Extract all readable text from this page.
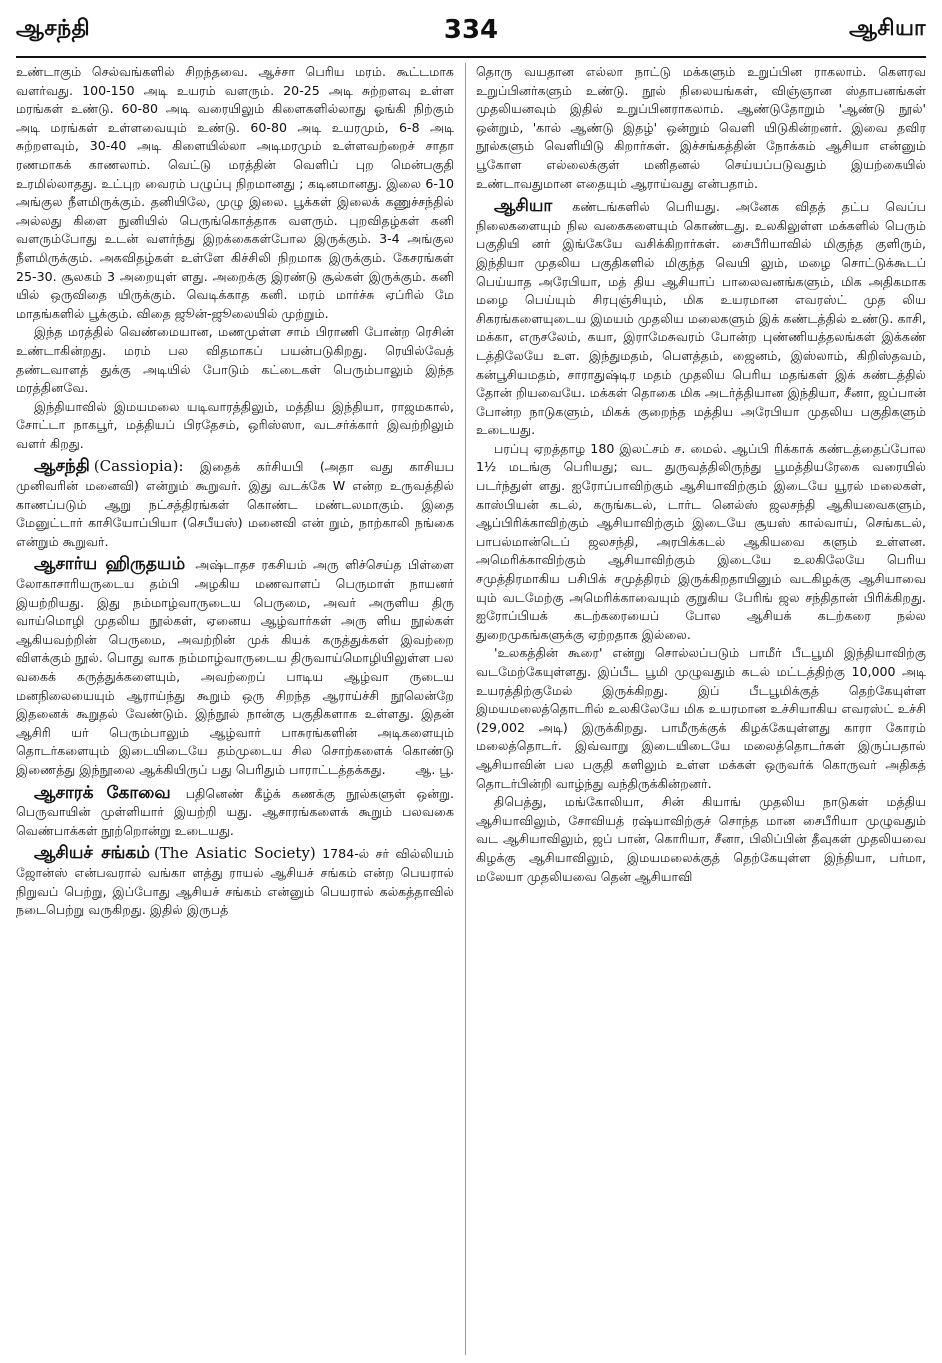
ஆசந்தி	334	ஆசியா

உண்டாகும் செல்வங்களில் சிறந்தவை. ஆச்சா பெரிய மரம். கூட்டமாக வளர்வது. 100-150 அடி உயரம் வளரும். 20-25 அடி சுற்றளவு உள்ள மரங்கள் உண்டு. 60-80 அடி வரையிலும் கிளைகளில்லாது ஓங்கி நிற்கும் அடி மரங்கள் உள்ளவையும் உண்டு. 60-80 அடி உயரமும், 6-8 அடி சுற்றளவும், 30-40 அடி கிளையில்லா அடிமரமும் உள்ளவற்றைச் சாதா ரணமாகக் காணலாம். வெட்டு மரத்தின் வெளிப் புற மென்பகுதி உரமில்லாதது. உட்புற வைரம் பழுப்பு நிறமானது ; கடினமானது. இலை 6-10 அங்குல நீளமிருக்கும். தனியிலே, முழு இலை. பூக்கள் இலைக் கணுச்சந்தில் அல்லது கிளை நுனியில் பெருங்கொத்தாக வளரும். புறவிதழ்கள் கனி வளரும்போது உடன் வளர்ந்து இறக்கைகள்போல இருக்கும். 3-4 அங்குல நீளமிருக்கும். அகவிதழ்கள் உள்ளே கிச்சிலி நிறமாக இருக்கும். கேசரங்கள் 25-30. சூலகம் 3 அறையுள் ளது. அறைக்கு இரண்டு சூல்கள் இருக்கும். கனி யில் ஒருவிதை யிருக்கும். வெடிக்காத கனி. மரம் மார்ச்சு ஏப்ரில் மே மாதங்களில் பூக்கும். விதை ஜூன்-ஜூலையில் முற்றும்.

இந்த மரத்தில் வெண்மையான, மணமுள்ள சாம் பிராணி போன்ற ரெசின் உண்டாகின்றது. மரம் பல விதமாகப் பயன்படுகிறது. ரெயில்வேத் தண்டவாளத் துக்கு அடியில் போடும் கட்டைகள் பெரும்பாலும் இந்த மரத்தினவே.

இந்தியாவில் இமயமலை யடிவாரத்திலும், மத்திய இந்தியா, ராஜமகால், சோட்டா நாகபூர், மத்தியப் பிரதேசம், ஒரிஸ்ஸா, வடசர்க்கார் இவற்றிலும் வளர் கிறது.

ஆசந்தி (Cassiopia): இதைக் கர்சியபி (அதா வது காசியப முனிவரின் மனைவி) என்றும் கூறுவர். இது வடக்கே W என்ற உருவத்தில் காணப்படும் ஆறு நட்சத்திரங்கள் கொண்ட மண்டலமாகும். இதை மேனுட்டார் காசியோப்பியா (செபீயஸ்) மனைவி என் றும், நாற்காலி நங்கை என்றும் கூறுவர்.

ஆசார்ய ஹிருதயம் அஷ்டாதச ரகசியம் அரு ளிச்செய்த பிள்ளை லோகாசாரியருடைய தம்பி அழகிய மணவாளப் பெருமாள் நாயனர் இயற்றியது. இது நம்மாழ்வாருடைய பெருமை, அவர் அருளிய திரு வாய்மொழி முதலிய நூல்கள், ஏனைய ஆழ்வார்கள் அரு ளிய நூல்கள் ஆகியவற்றின் பெருமை, அவற்றின் முக் கியக் கருத்துக்கள் இவற்றை விளக்கும் நூல். பொது வாக நம்மாழ்வாருடைய திருவாய்மொழியிலுள்ள பல வகைக் கருத்துக்களையும், அவற்றைப் பாடிய ஆழ்வா ருடைய மனநிலையையும் ஆராய்ந்து கூறும் ஒரு சிறந்த ஆராய்ச்சி நூலென்றே இதனைக் கூறுதல் வேண்டும். இந்நூல் நான்கு பகுதிகளாக உள்ளது. இதன் ஆசிரி யர் பெரும்பாலும் ஆழ்வார் பாசுரங்களின் அடிகளையும் தொடர்களையும் இடையிடையே தம்முடைய சில சொற்களைக் கொண்டு இணைத்து இந்நூலை ஆக்கியிருப் பது பெரிதும் பாராட்டத்தக்கது. ஆ. பூ.

ஆசாரக் கோவை பதினெண் கீழ்க் கணக்கு நூல்களுள் ஒன்று. பெருவாயின் முள்ளியார் இயற்றி யது. ஆசாரங்களைக் கூறும் பலவகை வெண்பாக்கள் நூற்றொன்று உடையது.

ஆசியச் சங்கம் (The Asiatic Society) 1784-ல் சர் வில்லியம் ஜோன்ஸ் என்பவரால் வங்கா ளத்து ராயல் ஆசியச் சங்கம் என்ற பெயரால் நிறுவப் பெற்று, இப்போது ஆசியச் சங்கம் என்னும் பெயரால் கல்கத்தாவில் நடைபெற்று வருகிறது. இதில் இருபத்

தொரு வயதான எல்லா நாட்டு மக்களும் உறுப்பின ராகலாம். கௌரவ உறுப்பினர்களும் உண்டு. நூல் நிலையங்கள், விஞ்ஞான ஸ்தாபனங்கள் முதலியனவும் இதில் உறுப்பினராகலாம். ஆண்டுதோறும் 'ஆண்டு நூல்' ஒன்றும், 'கால் ஆண்டு இதழ்' ஒன்றும் வெளி யிடுகின்றனர். இவை தவிர நூல்களும் வெளியிடு கிறார்கள். இச்சங்கத்தின் நோக்கம் ஆசியா என்னும் பூகோள எல்லைக்குள் மனிதனல் செய்யப்படுவதும் இயற்கையில் உண்டாவதுமான எதையும் ஆராய்வது என்பதாம்.

ஆசியா கண்டங்களில் பெரியது. அனேக விதத் தட்ப வெப்ப நிலைகளையும் நில வகைகளையும் கொண்டது. உலகிலுள்ள மக்களில் பெரும் பகுதியி னர் இங்கேயே வசிக்கிறார்கள். சைபீரியாவில் மிகுந்த குளிரும், இந்தியா முதலிய பகுதிகளில் மிகுந்த வெயி லும், மழை சொட்டுக்கூடப் பெய்யாத அரேபியா, மத் திய ஆசியாப் பாலைவனங்களும், மிக அதிகமாக மழை பெய்யும் சிரபுஞ்சியும், மிக உயரமான எவரஸ்ட் முத லிய சிகரங்களையுடைய இமயம் முதலிய மலைகளும் இக் கண்டத்தில் உண்டு. காசி, மக்கா, எருசலேம், கயா, இராமேசுவரம் போன்ற புண்ணியத்தலங்கள் இக்கண் டத்திலேயே உள. இந்துமதம், பௌத்தம், ஜைனம், இஸ்லாம், கிறிஸ்தவம், கன்பூசியமதம், சாராதுஷ்டிர மதம் முதலிய பெரிய மதங்கள் இக் கண்டத்தில் தோன் றியவையே. மக்கள் தொகை மிக அடர்த்தியான இந்தியா, சீனா, ஜப்பான் போன்ற நாடுகளும், மிகக் குறைந்த மத்திய அரேபியா முதலிய பகுதிகளும் உடையது.

பரப்பு ஏறத்தாழ 180 இலட்சம் ச. மைல். ஆப்பி ரிக்காக் கண்டத்தைப்போல 1½ மடங்கு பெரியது; வட துருவத்திலிருந்து பூமத்தியரேகை வரையில் படர்ந்துள் ளது. ஐரோப்பாவிற்கும் ஆசியாவிற்கும் இடையே யூரல் மலைகள், காஸ்பியன் கடல், கருங்கடல், டார்ட னெல்ஸ் ஜலசந்தி ஆகியவைகளும், ஆப்பிரிக்காவிற்கும் ஆசியாவிற்கும் இடையே சூயஸ் கால்வாய், செங்கடல், பாபல்மான்டெப் ஜலசந்தி, அரபிக்கடல் ஆகியவை களும் உள்ளன. அமெரிக்காவிற்கும் ஆசியாவிற்கும் இடையே உலகிலேயே பெரிய சமுத்திரமாகிய பசிபிக் சமுத்திரம் இருக்கிறதாயினும் வடகிழக்கு ஆசியாவை யும் வடமேற்கு அமெரிக்காவையும் குறுகிய பேரிங் ஜல சந்திதான் பிரிக்கிறது. ஐரோப்பியக் கடற்கரையைப் போல ஆசியக் கடற்கரை நல்ல துறைமுகங்களுக்கு ஏற்றதாக இல்லை.

'உலகத்தின் கூரை' என்று சொல்லப்படும் பாமீர் பீடபூமி இந்தியாவிற்கு வடமேற்கேயுள்ளது. இப்பீட பூமி முழுவதும் கடல் மட்டத்திற்கு 10,000 அடி உயரத்திற்குமேல் இருக்கிறது. இப் பீடபூமிக்குத் தெற்கேயுள்ள இமயமலைத்தொடரில் உலகிலேயே மிக உயரமான உச்சியாகிய எவரஸ்ட் உச்சி (29,002 அடி) இருக்கிறது. பாமீருக்குக் கிழக்கேயுள்ளது காரா கோரம் மலைத்தொடர். இவ்வாறு இடையிடையே மலைத்தொடர்கள் இருப்பதால் ஆசியாவின் பல பகுதி களிலும் உள்ள மக்கள் ஒருவர்க் கொருவர் அதிகத் தொடர்பின்றி வாழ்ந்து வந்திருக்கின்றனர்.

திபெத்து, மங்கோலியா, சின் கியாங் முதலிய நாடுகள் மத்திய ஆசியாவிலும், சோவியத் ரஷ்யாவிற்குச் சொந்த மான சைபீரியா முழுவதும் வட ஆசியாவிலும், ஜப் பான், கொரியா, சீனா, பிலிப்பின் தீவுகள் முதலியவை கிழக்கு ஆசியாவிலும், இமயமலைக்குத் தெற்கேயுள்ள இந்தியா, பர்மா, மலேயா முதலியவை தென் ஆசியாவி
